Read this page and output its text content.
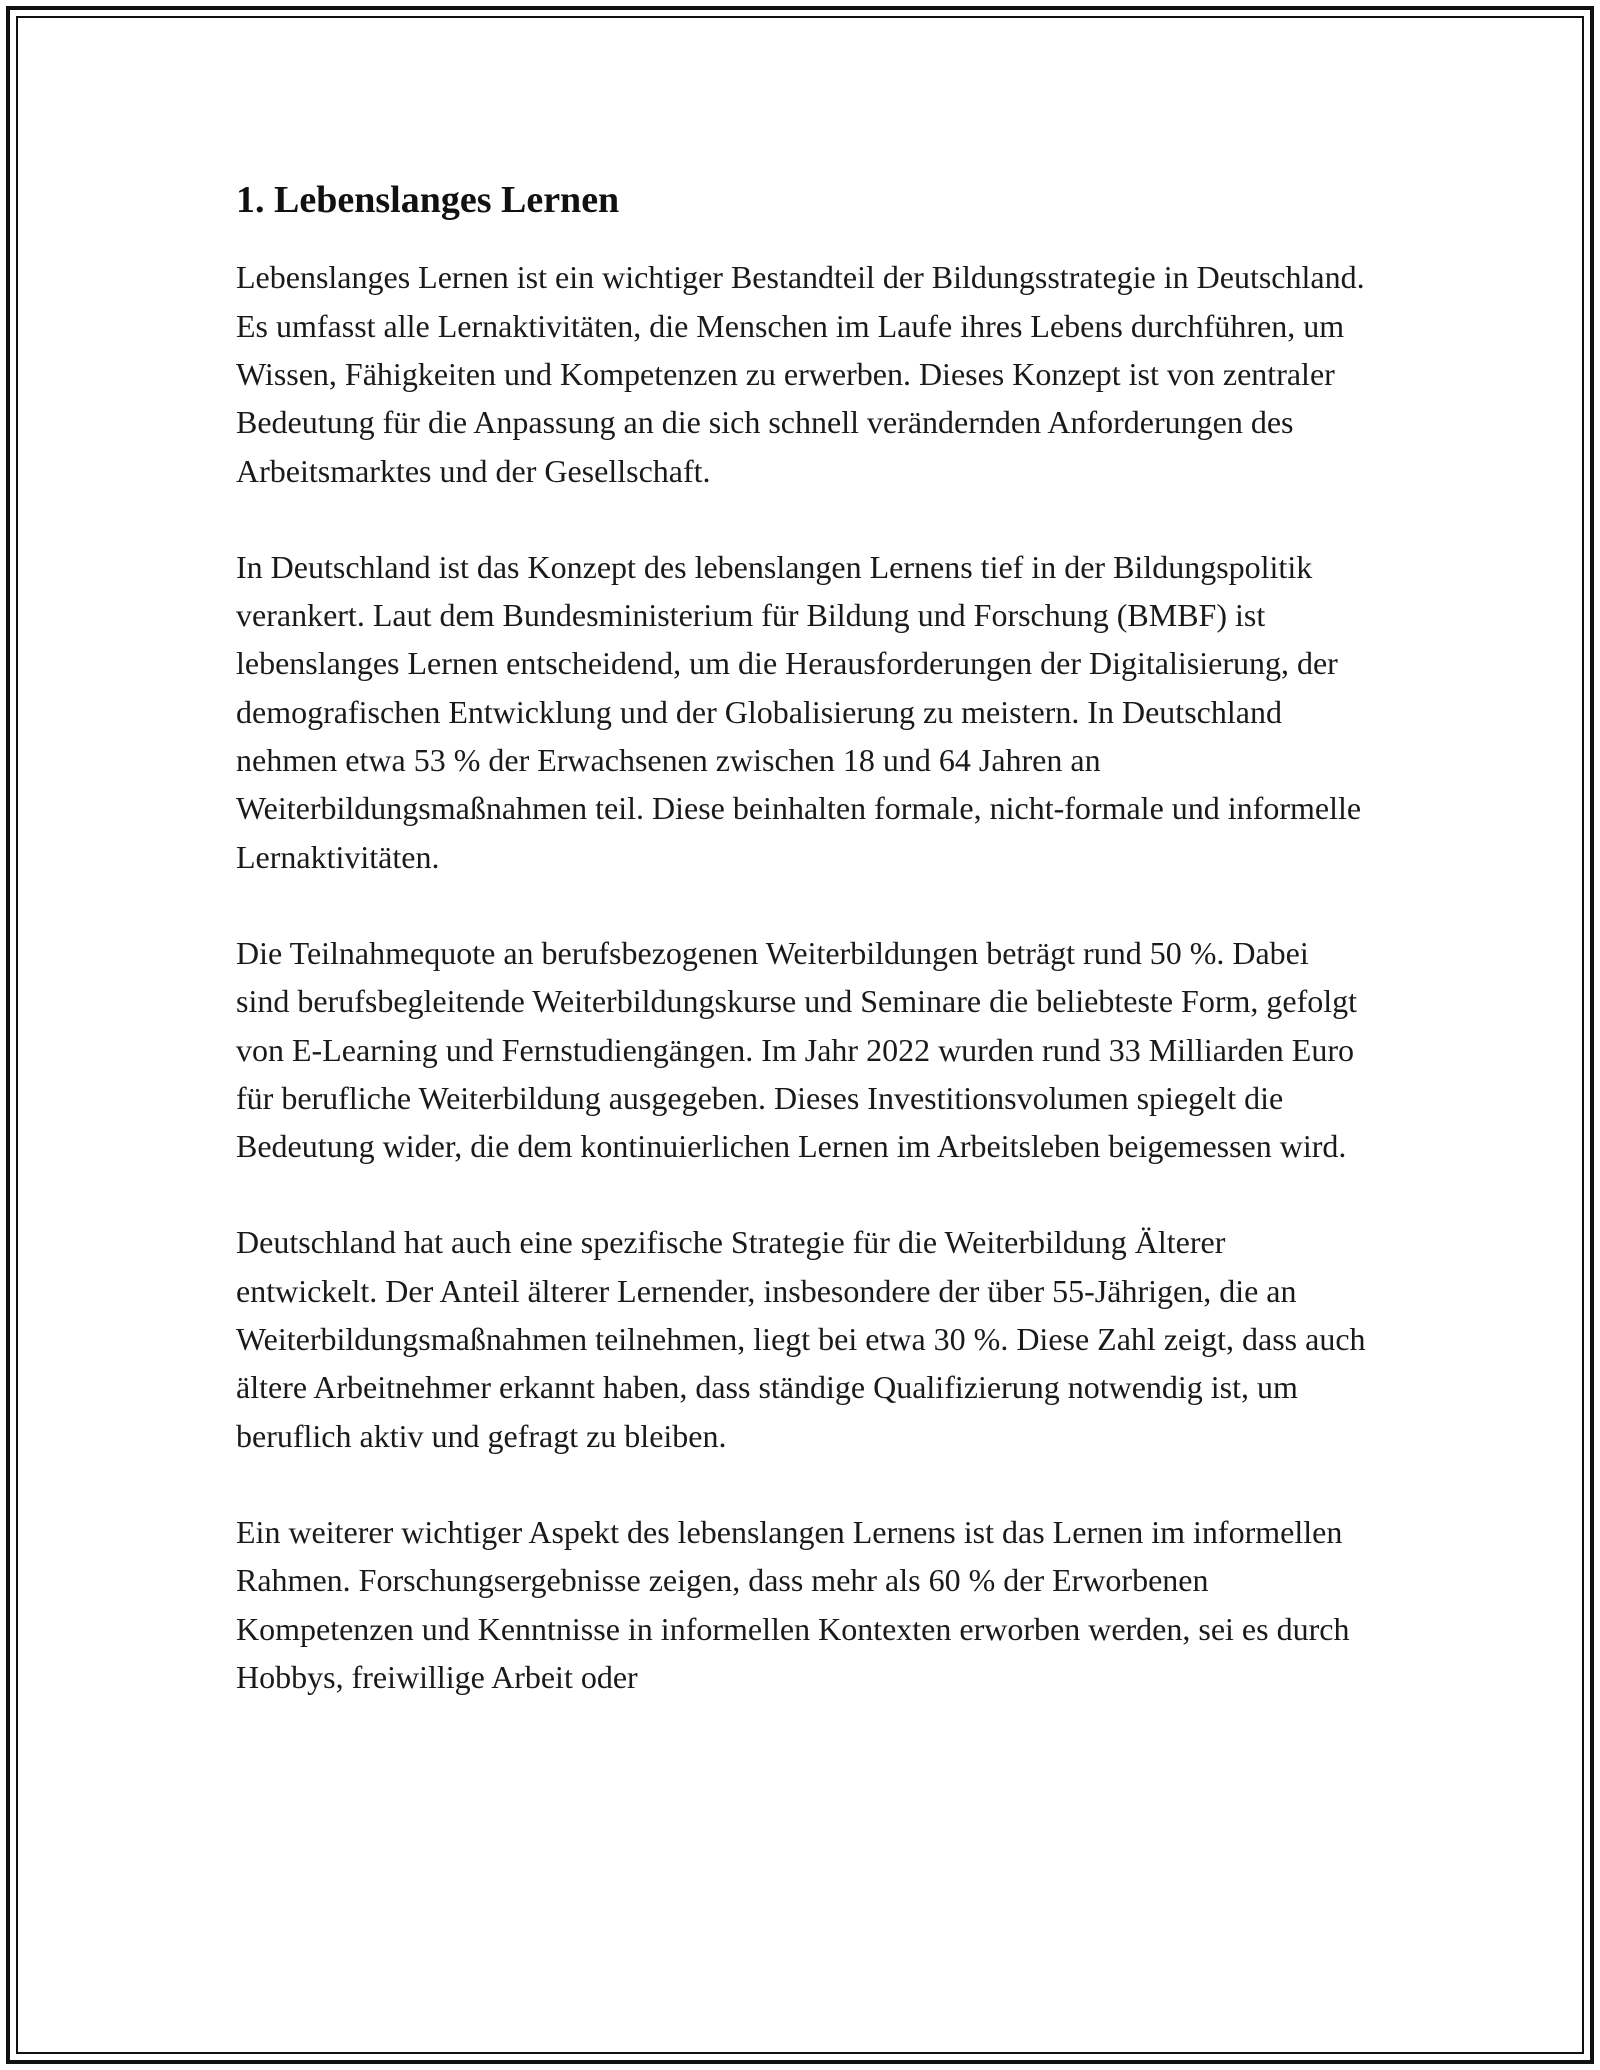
1. Lebenslanges Lernen

Lebenslanges Lernen ist ein wichtiger Bestandteil der Bildungsstrategie in Deutschland. Es umfasst alle Lernaktivitäten, die Menschen im Laufe ihres Lebens durchführen, um Wissen, Fähigkeiten und Kompetenzen zu erwerben. Dieses Konzept ist von zentraler Bedeutung für die Anpassung an die sich schnell verändernden Anforderungen des Arbeitsmarktes und der Gesellschaft.

In Deutschland ist das Konzept des lebenslangen Lernens tief in der Bildungspolitik verankert. Laut dem Bundesministerium für Bildung und Forschung (BMBF) ist lebenslanges Lernen entscheidend, um die Herausforderungen der Digitalisierung, der demografischen Entwicklung und der Globalisierung zu meistern. In Deutschland nehmen etwa 53 % der Erwachsenen zwischen 18 und 64 Jahren an Weiterbildungsmaßnahmen teil. Diese beinhalten formale, nicht-formale und informelle Lernaktivitäten.

Die Teilnahmequote an berufsbezogenen Weiterbildungen beträgt rund 50 %. Dabei sind berufsbegleitende Weiterbildungskurse und Seminare die beliebteste Form, gefolgt von E-Learning und Fernstudiengängen. Im Jahr 2022 wurden rund 33 Milliarden Euro für berufliche Weiterbildung ausgegeben. Dieses Investitionsvolumen spiegelt die Bedeutung wider, die dem kontinuierlichen Lernen im Arbeitsleben beigemessen wird.

Deutschland hat auch eine spezifische Strategie für die Weiterbildung Älterer entwickelt. Der Anteil älterer Lernender, insbesondere der über 55-Jährigen, die an Weiterbildungsmaßnahmen teilnehmen, liegt bei etwa 30 %. Diese Zahl zeigt, dass auch ältere Arbeitnehmer erkannt haben, dass ständige Qualifizierung notwendig ist, um beruflich aktiv und gefragt zu bleiben.

Ein weiterer wichtiger Aspekt des lebenslangen Lernens ist das Lernen im informellen Rahmen. Forschungsergebnisse zeigen, dass mehr als 60 % der Erworbenen Kompetenzen und Kenntnisse in informellen Kontexten erworben werden, sei es durch Hobbys, freiwillige Arbeit oder
